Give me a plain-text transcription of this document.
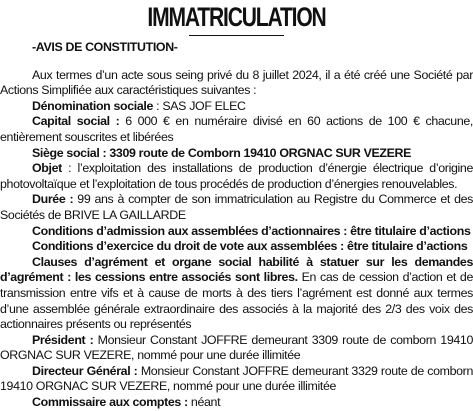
IMMATRICULATION

-AVIS DE CONSTITUTION-

Aux termes d’un acte sous seing privé du 8 juillet 2024, il a été créé une Société par Actions Simplifiée aux caractéristiques suivantes :

Dénomination sociale : SAS JOF ELEC

Capital social : 6 000 € en numéraire divisé en 60 actions de 100 € chacune, entièrement souscrites et libérées

Siège social : 3309 route de Comborn 19410 ORGNAC SUR VEZERE

Objet : l’exploitation des installations de production d’énergie électrique d’origine photovoltaïque et l’exploitation de tous procédés de production d’énergies renouvelables.

Durée : 99 ans à compter de son immatriculation au Registre du Commerce et des Sociétés de BRIVE LA GAILLARDE

Conditions d’admission aux assemblées d’actionnaires : être titulaire d’actions

Conditions d’exercice du droit de vote aux assemblées : être titulaire d’actions

Clauses d’agrément et organe social habilité à statuer sur les demandes d’agrément : les cessions entre associés sont libres. En cas de cession d’action et de transmission entre vifs et à cause de morts à des tiers l’agrément est donné aux termes d’une assemblée générale extraordinaire des associés à la majorité des 2/3 des voix des actionnaires présents ou représentés

Président : Monsieur Constant JOFFRE demeurant 3309 route de comborn 19410 ORGNAC SUR VEZERE, nommé pour une durée illimitée

Directeur Général : Monsieur Constant JOFFRE demeurant 3329 route de comborn 19410 ORGNAC SUR VEZERE, nommé pour une durée illimitée

Commissaire aux comptes : néant
